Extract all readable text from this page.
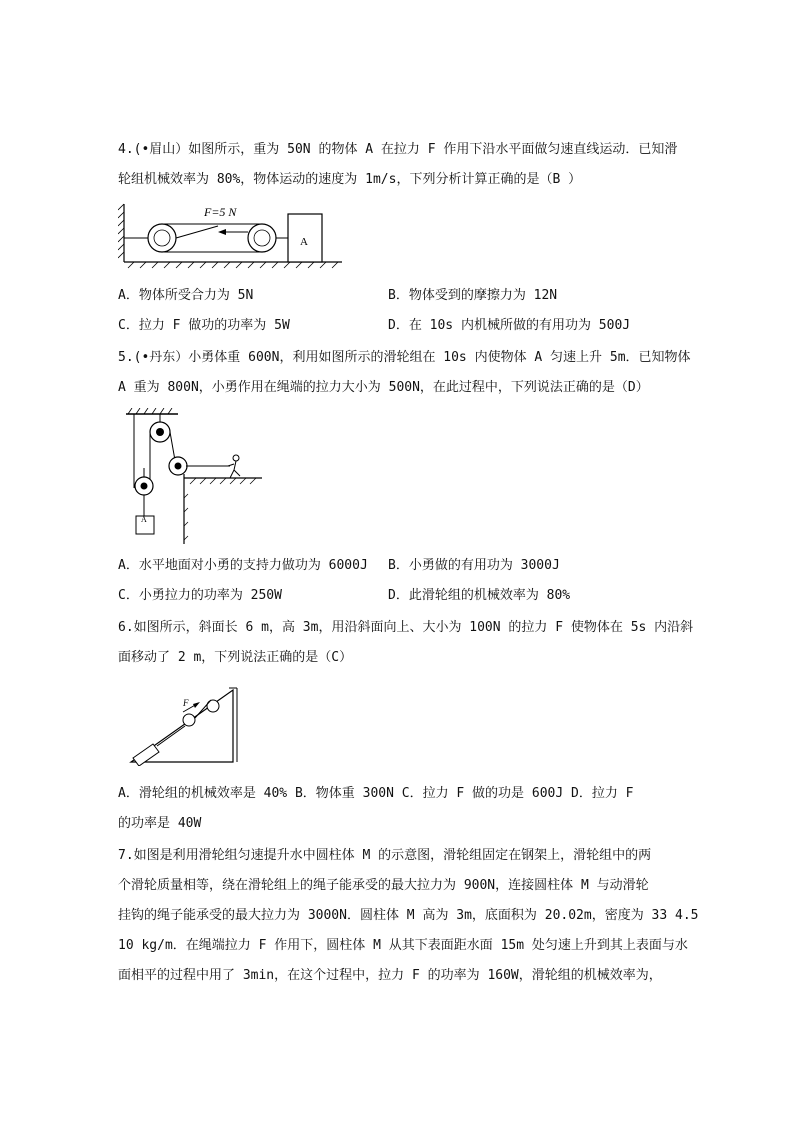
4.(•眉山）如图所示，重为 50N 的物体 A 在拉力 F 作用下沿水平面做匀速直线运动．已知滑
轮组机械效率为 80%，物体运动的速度为 1m/s，下列分析计算正确的是（B ）
F=5 N
A
A．物体所受合力为 5N	B．物体受到的摩擦力为 12N
C．拉力 F 做功的功率为 5W	D．在 10s 内机械所做的有用功为 500J
5.(•丹东）小勇体重 600N，利用如图所示的滑轮组在 10s 内使物体 A 匀速上升 5m．已知物体
A 重为 800N，小勇作用在绳端的拉力大小为 500N，在此过程中，下列说法正确的是（D）
A
A．水平地面对小勇的支持力做功为 6000J B．小勇做的有用功为 3000J
C．小勇拉力的功率为 250W	D．此滑轮组的机械效率为 80%
6.如图所示，斜面长 6 m，高 3m，用沿斜面向上、大小为 100N 的拉力 F 使物体在 5s 内沿斜
面移动了 2 m，下列说法正确的是（C）
F
A．滑轮组的机械效率是 40% B．物体重 300N C．拉力 F 做的功是 600J D．拉力 F
的功率是 40W
7.如图是利用滑轮组匀速提升水中圆柱体 M 的示意图，滑轮组固定在钢架上，滑轮组中的两
个滑轮质量相等，绕在滑轮组上的绳子能承受的最大拉力为 900N，连接圆柱体 M 与动滑轮
挂钩的绳子能承受的最大拉力为 3000N．圆柱体 M 高为 3m，底面积为 20.02m，密度为 33 4.5
10 kg/m．在绳端拉力 F 作用下，圆柱体 M 从其下表面距水面 15m 处匀速上升到其上表面与水
面相平的过程中用了 3min，在这个过程中，拉力 F 的功率为 160W，滑轮组的机械效率为，
